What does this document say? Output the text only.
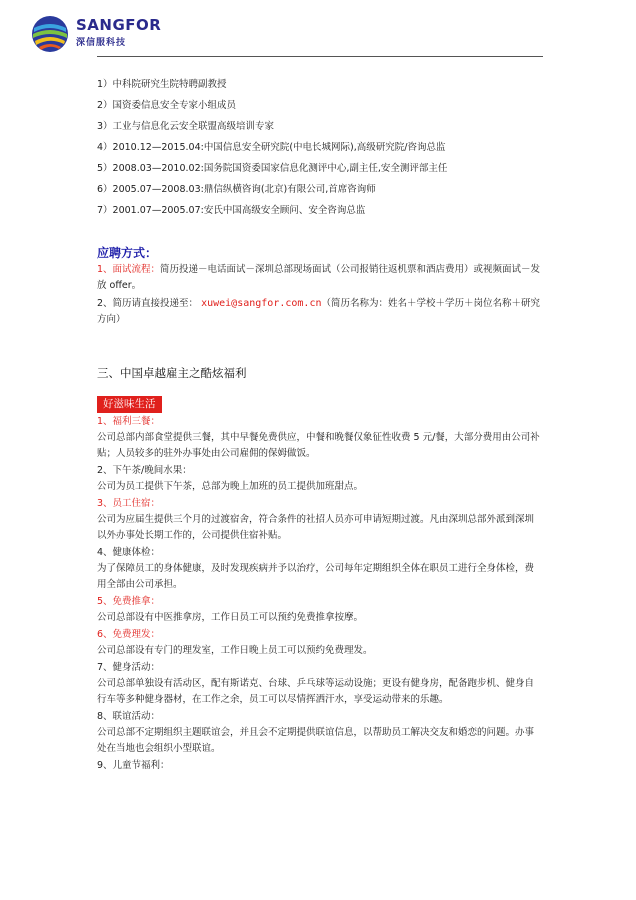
SANGFOR
深信服科技
1）中科院研究生院特聘副教授
2）国资委信息安全专家小组成员
3）工业与信息化云安全联盟高级培训专家
4）2010.12—2015.04:中国信息安全研究院(中电长城网际),高级研究院/咨询总监
5）2008.03—2010.02:国务院国资委国家信息化测评中心,副主任,安全测评部主任
6）2005.07—2008.03:鼎信纵横咨询(北京)有限公司,首席咨询师
7）2001.07—2005.07:安氏中国高级安全顾问、安全咨询总监
应聘方式：
1、面试流程：简历投递－电话面试－深圳总部现场面试（公司报销往返机票和酒店费用）或视频面试－发放 offer。
2、简历请直接投递至： xuwei@sangfor.com.cn（简历名称为：姓名＋学校＋学历＋岗位名称＋研究方向）
三、中国卓越雇主之酷炫福利
好滋味生活
1、福利三餐：
公司总部内部食堂提供三餐，其中早餐免费供应，中餐和晚餐仅象征性收费 5 元/餐，大部分费用由公司补贴；人员较多的驻外办事处由公司雇佣的保姆做饭。
2、下午茶/晚间水果：
公司为员工提供下午茶，总部为晚上加班的员工提供加班甜点。
3、员工住宿：
公司为应届生提供三个月的过渡宿舍，符合条件的社招人员亦可申请短期过渡。凡由深圳总部外派到深圳以外办事处长期工作的，公司提供住宿补贴。
4、健康体检：
为了保障员工的身体健康，及时发现疾病并予以治疗，公司每年定期组织全体在职员工进行全身体检，费用全部由公司承担。
5、免费推拿：
公司总部设有中医推拿房，工作日员工可以预约免费推拿按摩。
6、免费理发：
公司总部设有专门的理发室，工作日晚上员工可以预约免费理发。
7、健身活动：
公司总部单独设有活动区，配有斯诺克、台球、乒乓球等运动设施；更设有健身房，配备跑步机、健身自行车等多种健身器材，在工作之余，员工可以尽情挥洒汗水，享受运动带来的乐趣。
8、联谊活动：
公司总部不定期组织主题联谊会，并且会不定期提供联谊信息，以帮助员工解决交友和婚恋的问题。办事处在当地也会组织小型联谊。
9、儿童节福利：
